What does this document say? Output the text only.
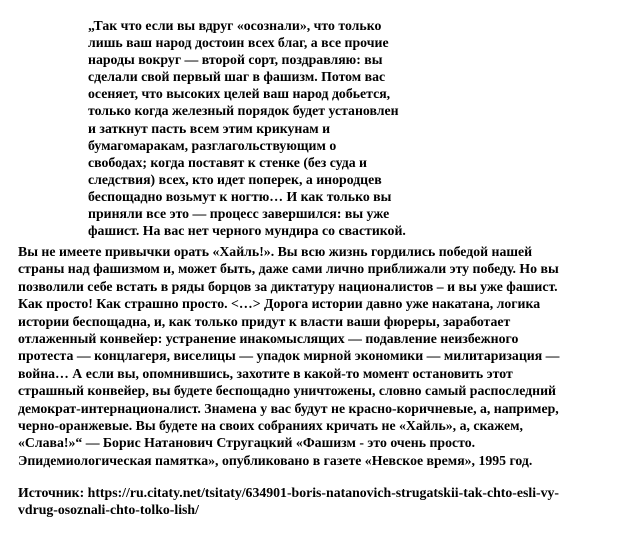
„Так что если вы вдруг «осознали», что только
лишь ваш народ достоин всех благ, а все прочие
народы вокруг — второй сорт, поздравляю: вы
сделали свой первый шаг в фашизм. Потом вас
осеняет, что высоких целей ваш народ добьется,
только когда железный порядок будет установлен
и заткнут пасть всем этим крикунам и
бумагомаракам, разглагольствующим о
свободах; когда поставят к стенке (без суда и
следствия) всех, кто идет поперек, а инородцев
беспощадно возьмут к ногтю… И как только вы
приняли все это — процесс завершился: вы уже
фашист. На вас нет черного мундира со свастикой.
Вы не имеете привычки орать «Хайль!». Вы всю жизнь гордились победой нашей
страны над фашизмом и, может быть, даже сами лично приближали эту победу. Но вы
позволили себе встать в ряды борцов за диктатуру националистов – и вы уже фашист.
Как просто! Как страшно просто. <…> Дорога истории давно уже накатана, логика
истории беспощадна, и, как только придут к власти ваши фюреры, заработает
отлаженный конвейер: устранение инакомыслящих — подавление неизбежного
протеста — концлагеря, виселицы — упадок мирной экономики — милитаризация —
война… А если вы, опомнившись, захотите в какой-то момент остановить этот
страшный конвейер, вы будете беспощадно уничтожены, словно самый распоследний
демократ-интернационалист. Знамена у вас будут не красно-коричневые, а, например,
черно-оранжевые. Вы будете на своих собраниях кричать не «Хайль», а, скажем,
«Слава!»“ — Борис Натанович Стругацкий «Фашизм - это очень просто.
Эпидемиологическая памятка», опубликовано в газете «Невское время», 1995 год.
Источник: https://ru.citaty.net/tsitaty/634901-boris-natanovich-strugatskii-tak-chto-esli-vy-
vdrug-osoznali-chto-tolko-lish/
